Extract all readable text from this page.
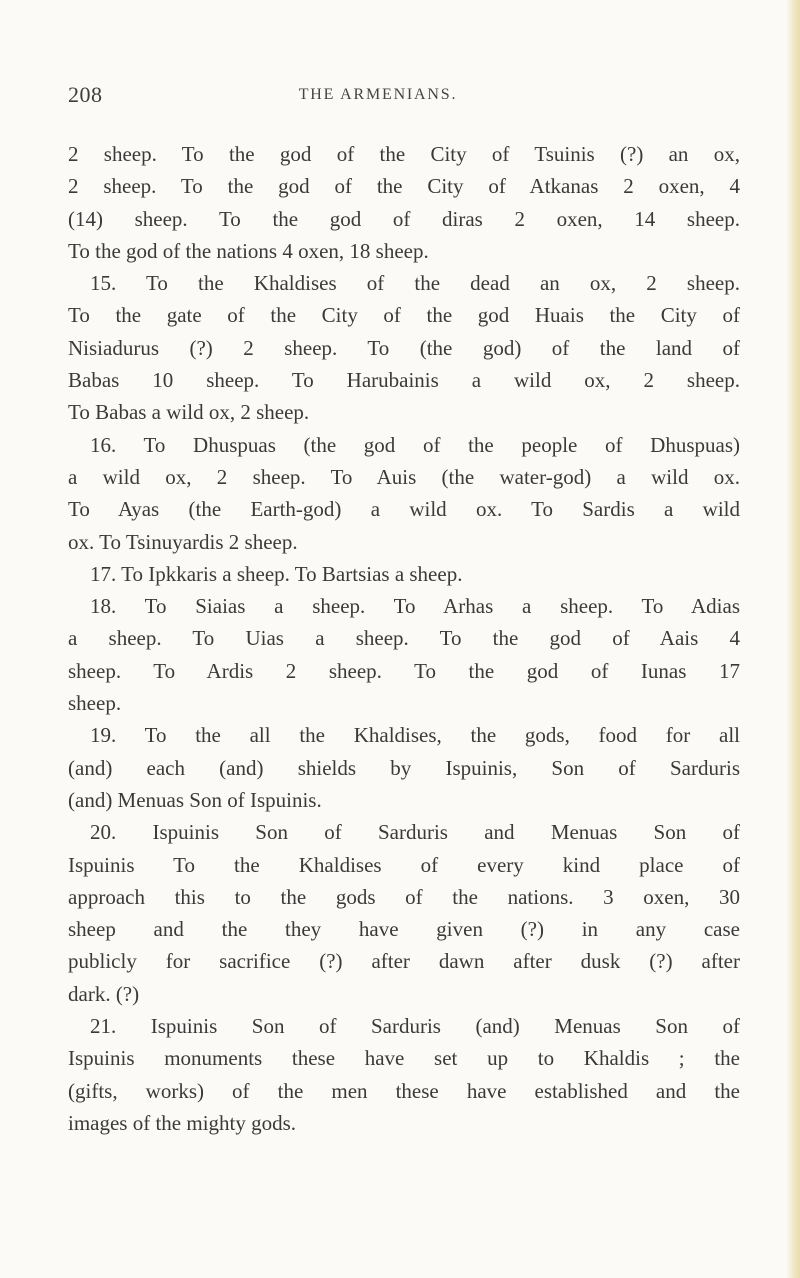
208	THE ARMENIANS.
2 sheep. To the god of the City of Tsuinis (?) an ox,
2 sheep. To the god of the City of Atkanas 2 oxen, 4
(14) sheep. To the god of diras 2 oxen, 14 sheep.
To the god of the nations 4 oxen, 18 sheep.
15. To the Khaldises of the dead an ox, 2 sheep.
To the gate of the City of the god Huais the City of
Nisiadurus (?) 2 sheep. To (the god) of the land of
Babas 10 sheep. To Harubainis a wild ox, 2 sheep.
To Babas a wild ox, 2 sheep.
16. To Dhuspuas (the god of the people of Dhuspuas)
a wild ox, 2 sheep. To Auis (the water-god) a wild ox.
To Ayas (the Earth-god) a wild ox. To Sardis a wild
ox. To Tsinuyardis 2 sheep.
17. To Ipkkaris a sheep. To Bartsias a sheep.
18. To Siaias a sheep. To Arhas a sheep. To Adias
a sheep. To Uias a sheep. To the god of Aais 4
sheep. To Ardis 2 sheep. To the god of Iunas 17
sheep.
19. To the all the Khaldises, the gods, food for all
(and) each (and) shields by Ispuinis, Son of Sarduris
(and) Menuas Son of Ispuinis.
20. Ispuinis Son of Sarduris and Menuas Son of
Ispuinis To the Khaldises of every kind place of
approach this to the gods of the nations. 3 oxen, 30
sheep and the they have given (?) in any case
publicly for sacrifice (?) after dawn after dusk (?) after
dark. (?)
21. Ispuinis Son of Sarduris (and) Menuas Son of
Ispuinis monuments these have set up to Khaldis ; the
(gifts, works) of the men these have established and the
images of the mighty gods.
